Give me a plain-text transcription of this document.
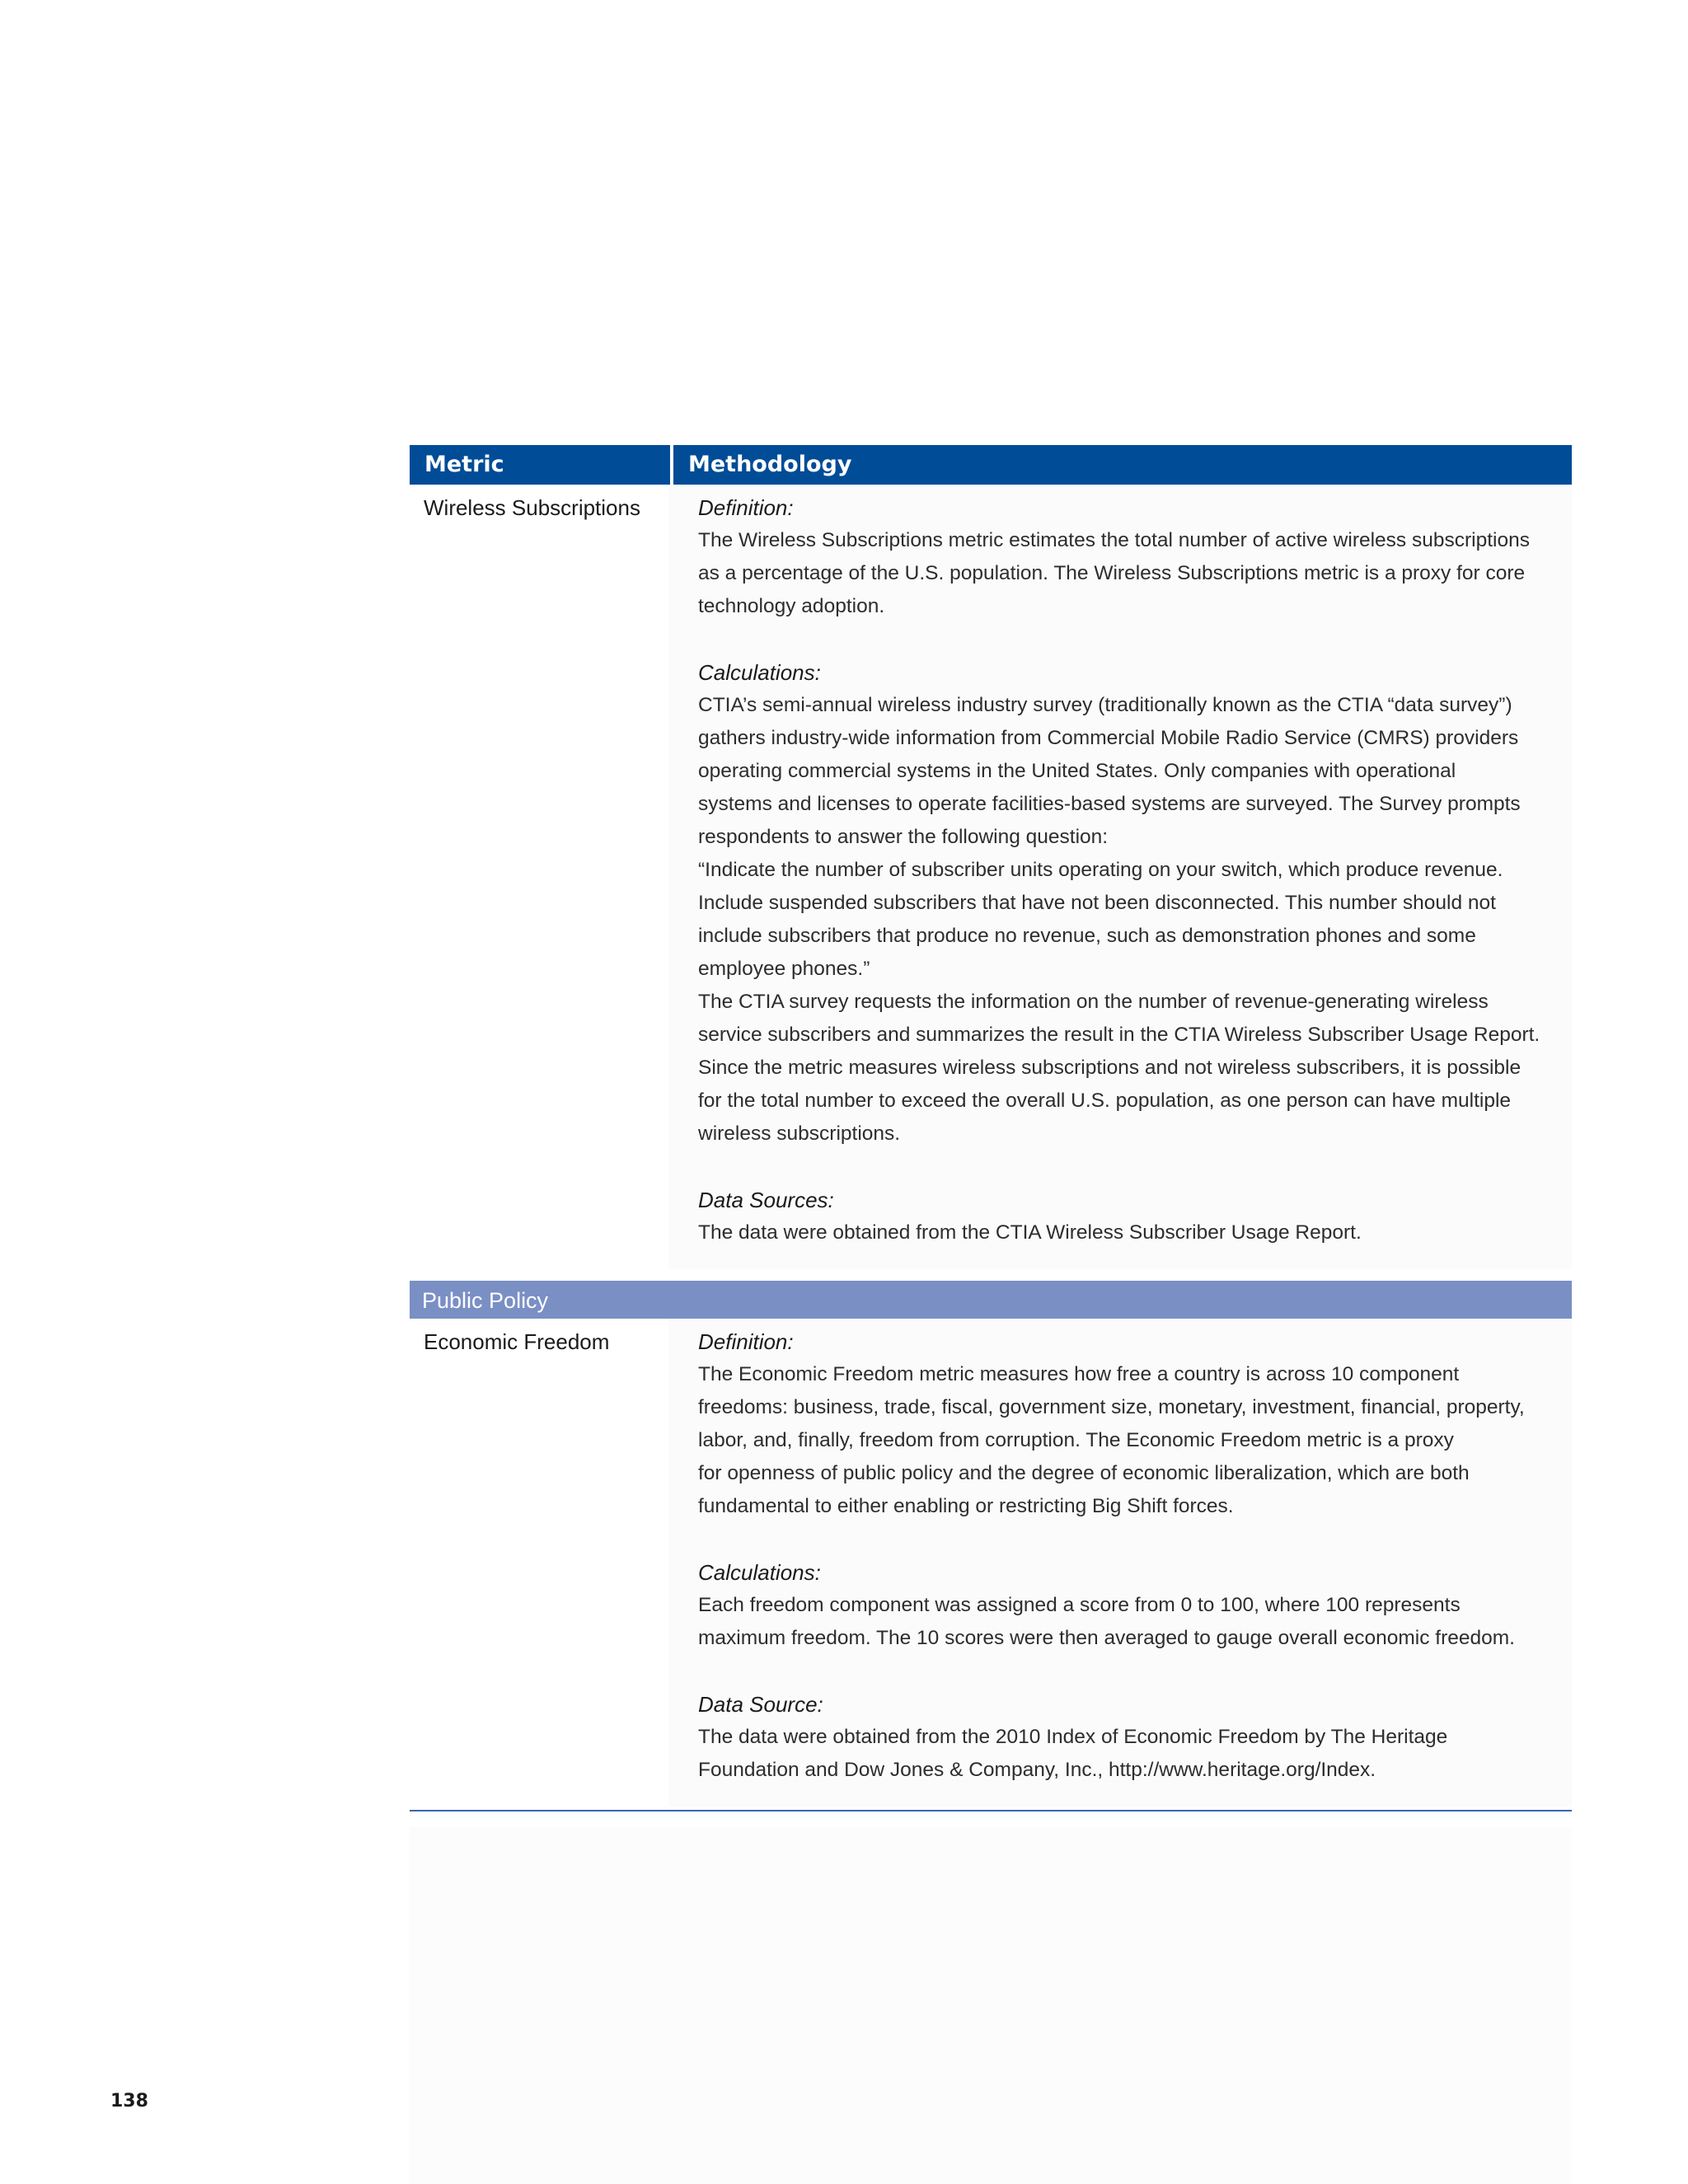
Metric	Methodology
Wireless Subscriptions	Definition:

The Wireless Subscriptions metric estimates the total number of active wireless subscriptions

as a percentage of the U.S. population. The Wireless Subscriptions metric is a proxy for core

technology adoption.

Calculations:

CTIA’s semi-annual wireless industry survey (traditionally known as the CTIA “data survey”)

gathers industry-wide information from Commercial Mobile Radio Service (CMRS) providers

operating commercial systems in the United States. Only companies with operational

systems and licenses to operate facilities-based systems are surveyed. The Survey prompts

respondents to answer the following question:

“Indicate the number of subscriber units operating on your switch, which produce revenue.

Include suspended subscribers that have not been disconnected. This number should not

include subscribers that produce no revenue, such as demonstration phones and some

employee phones.”

The CTIA survey requests the information on the number of revenue-generating wireless

service subscribers and summarizes the result in the CTIA Wireless Subscriber Usage Report.

Since the metric measures wireless subscriptions and not wireless subscribers, it is possible

for the total number to exceed the overall U.S. population, as one person can have multiple

wireless subscriptions.

Data Sources:

The data were obtained from the CTIA Wireless Subscriber Usage Report.

Public Policy
Economic Freedom	Definition:

The Economic Freedom metric measures how free a country is across 10 component

freedoms: business, trade, fiscal, government size, monetary, investment, financial, property,

labor, and, finally, freedom from corruption. The Economic Freedom metric is a proxy

for openness of public policy and the degree of economic liberalization, which are both

fundamental to either enabling or restricting Big Shift forces.

Calculations:

Each freedom component was assigned a score from 0 to 100, where 100 represents

maximum freedom. The 10 scores were then averaged to gauge overall economic freedom.

Data Source:

The data were obtained from the 2010 Index of Economic Freedom by The Heritage

Foundation and Dow Jones & Company, Inc., http://www.heritage.org/Index.

138
